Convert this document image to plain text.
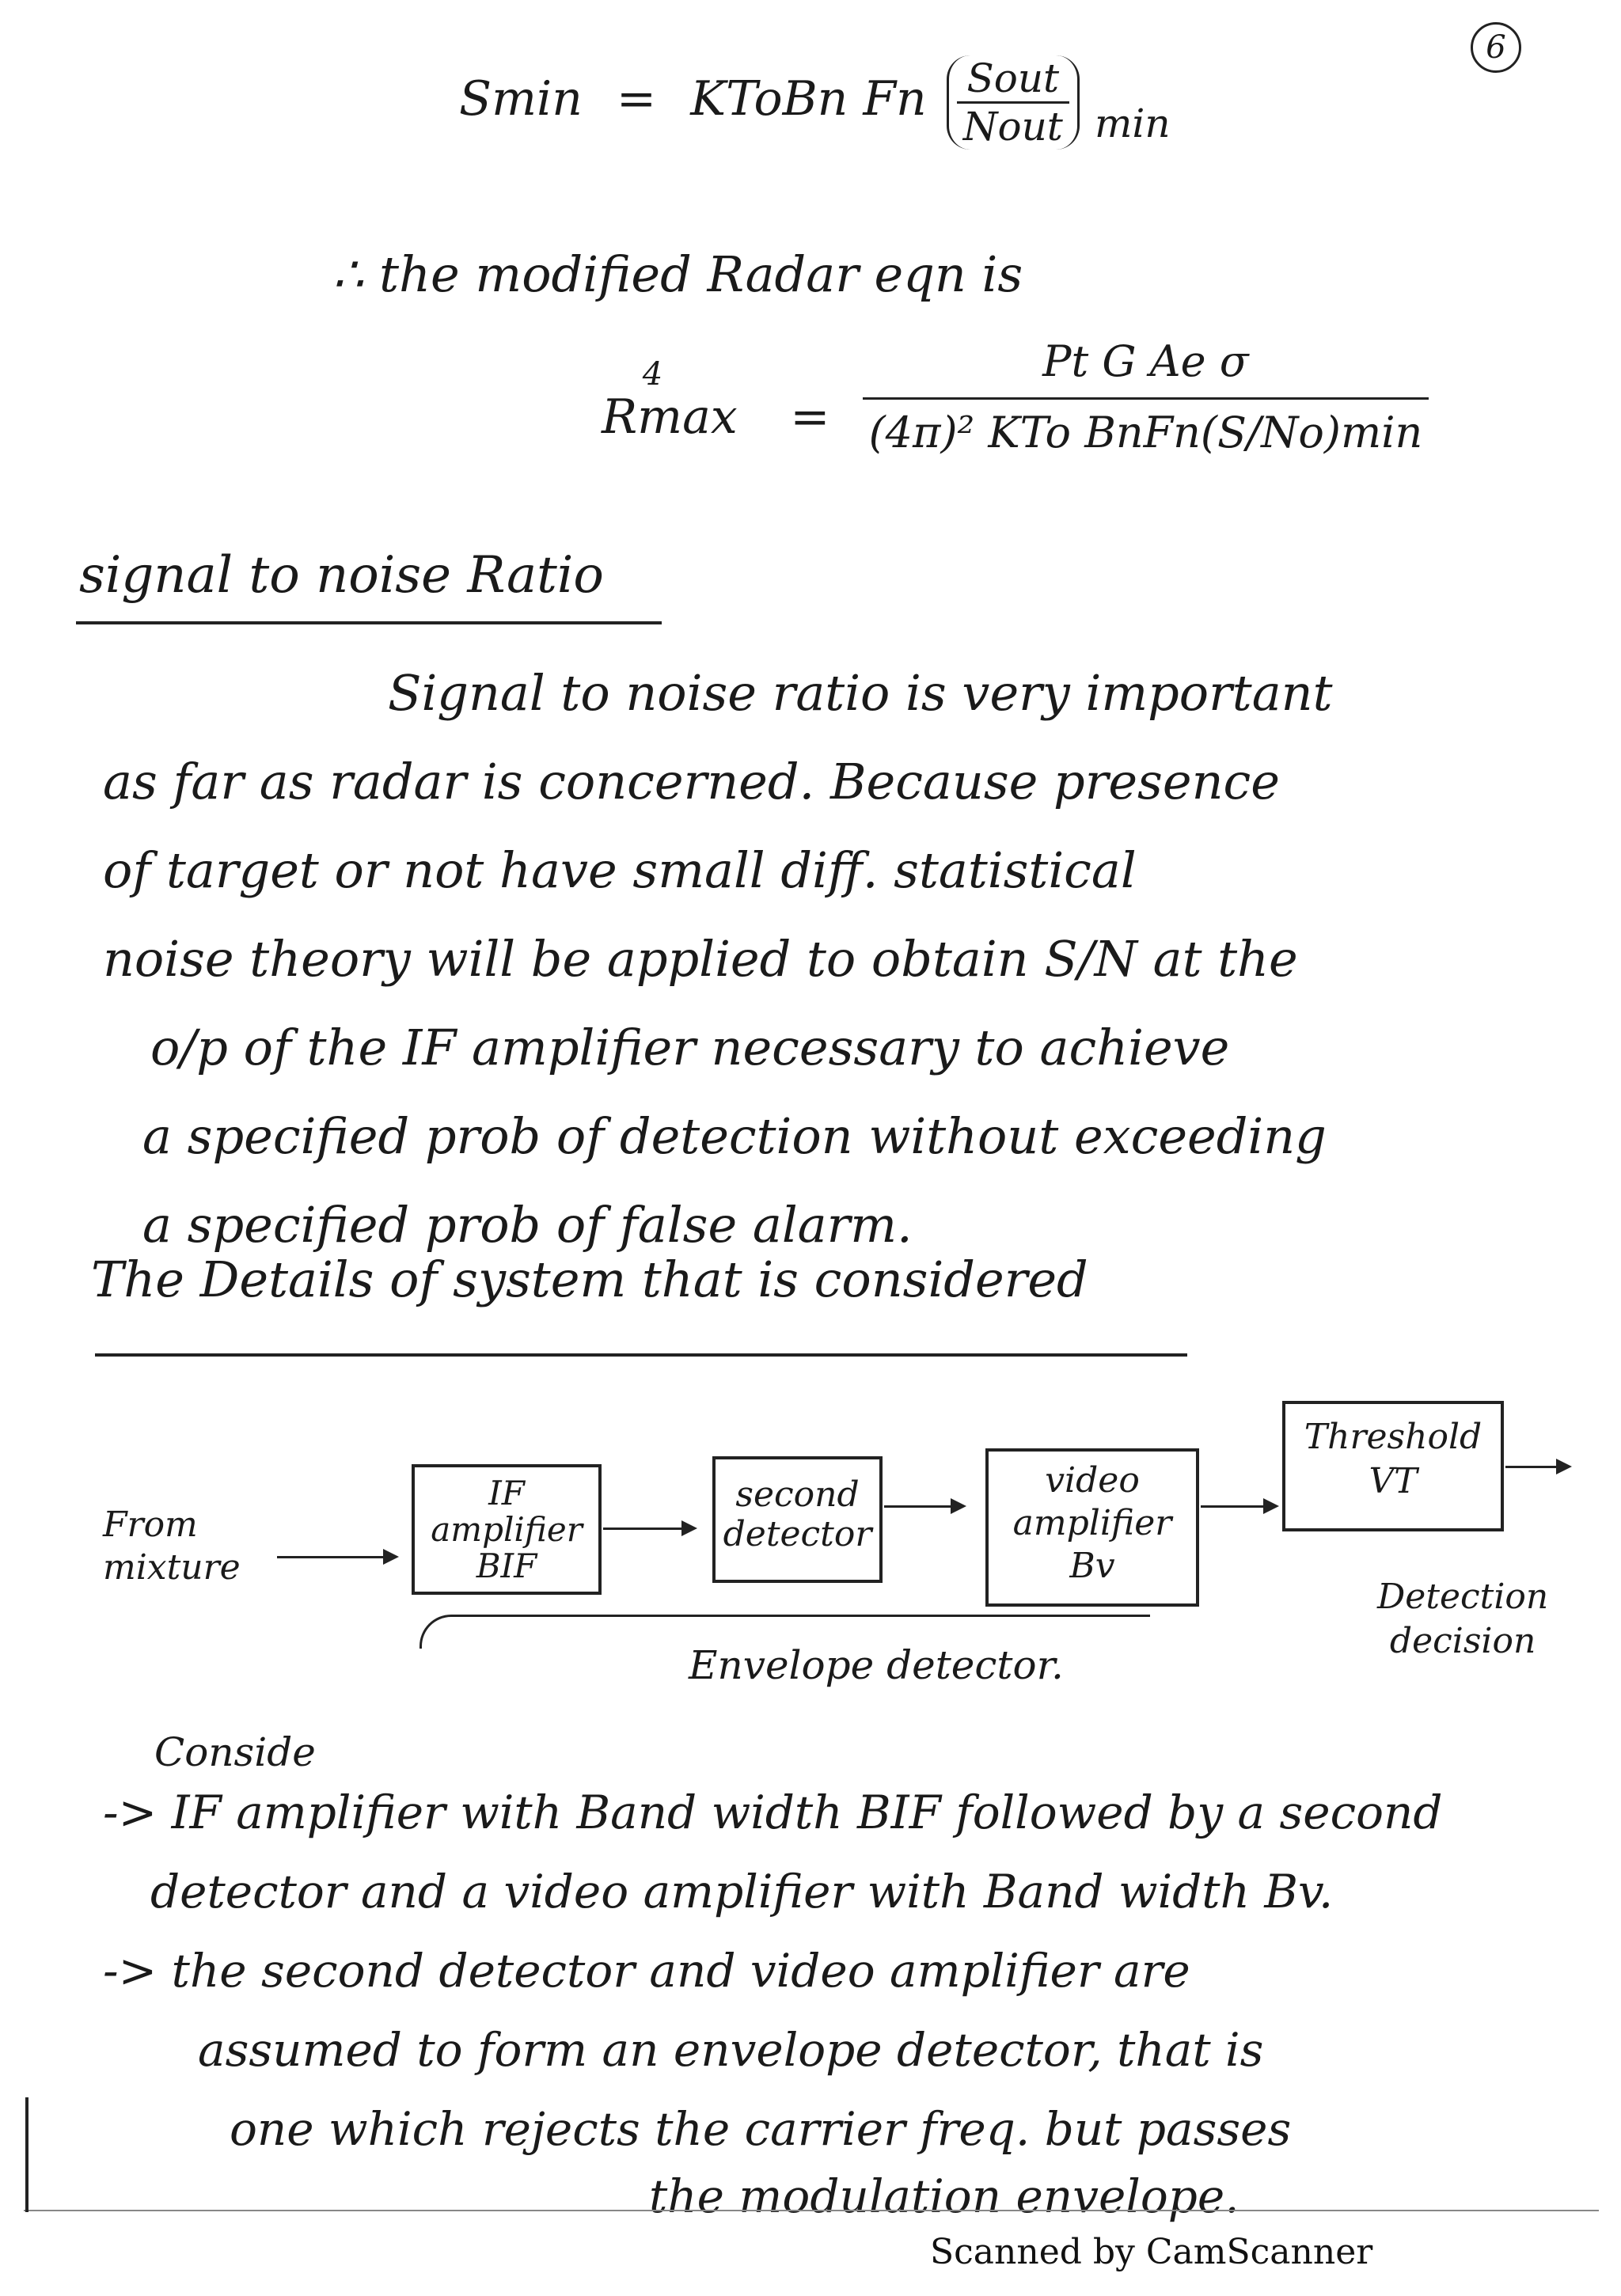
6
Smin = KToBn Fn $\frac{\text{Sout}}{\text{Nout}} _{min}$
∴ the modified Radar eqn is
$Rmax^4 = \frac{\text{Pt G Ae σ}}{\text{(4π)² KTo BnFn(S/No)min}}$
signal to noise Ratio
Signal to noise ratio is very important
as far as radar is concerned. Because presence
of target or not have small diff. statistical
noise theory will be applied to obtain S/N at the
o/p of the IF amplifier necessary to achieve
a specified prob of detection without exceeding
a specified prob of false alarm.
The Details of system that is considered
From
mixture
IF
amplifier
BIF
second
detector
video
amplifier
Bv
Threshold
VT
Envelope detector.
Detection
decision
Conside
-> IF amplifier with Band width BIF followed by a second
detector and a video amplifier with Band width Bv.
-> the second detector and video amplifier are
assumed to form an envelope detector, that is
one which rejects the carrier freq. but passes
the modulation envelope.
Scanned by CamScanner
